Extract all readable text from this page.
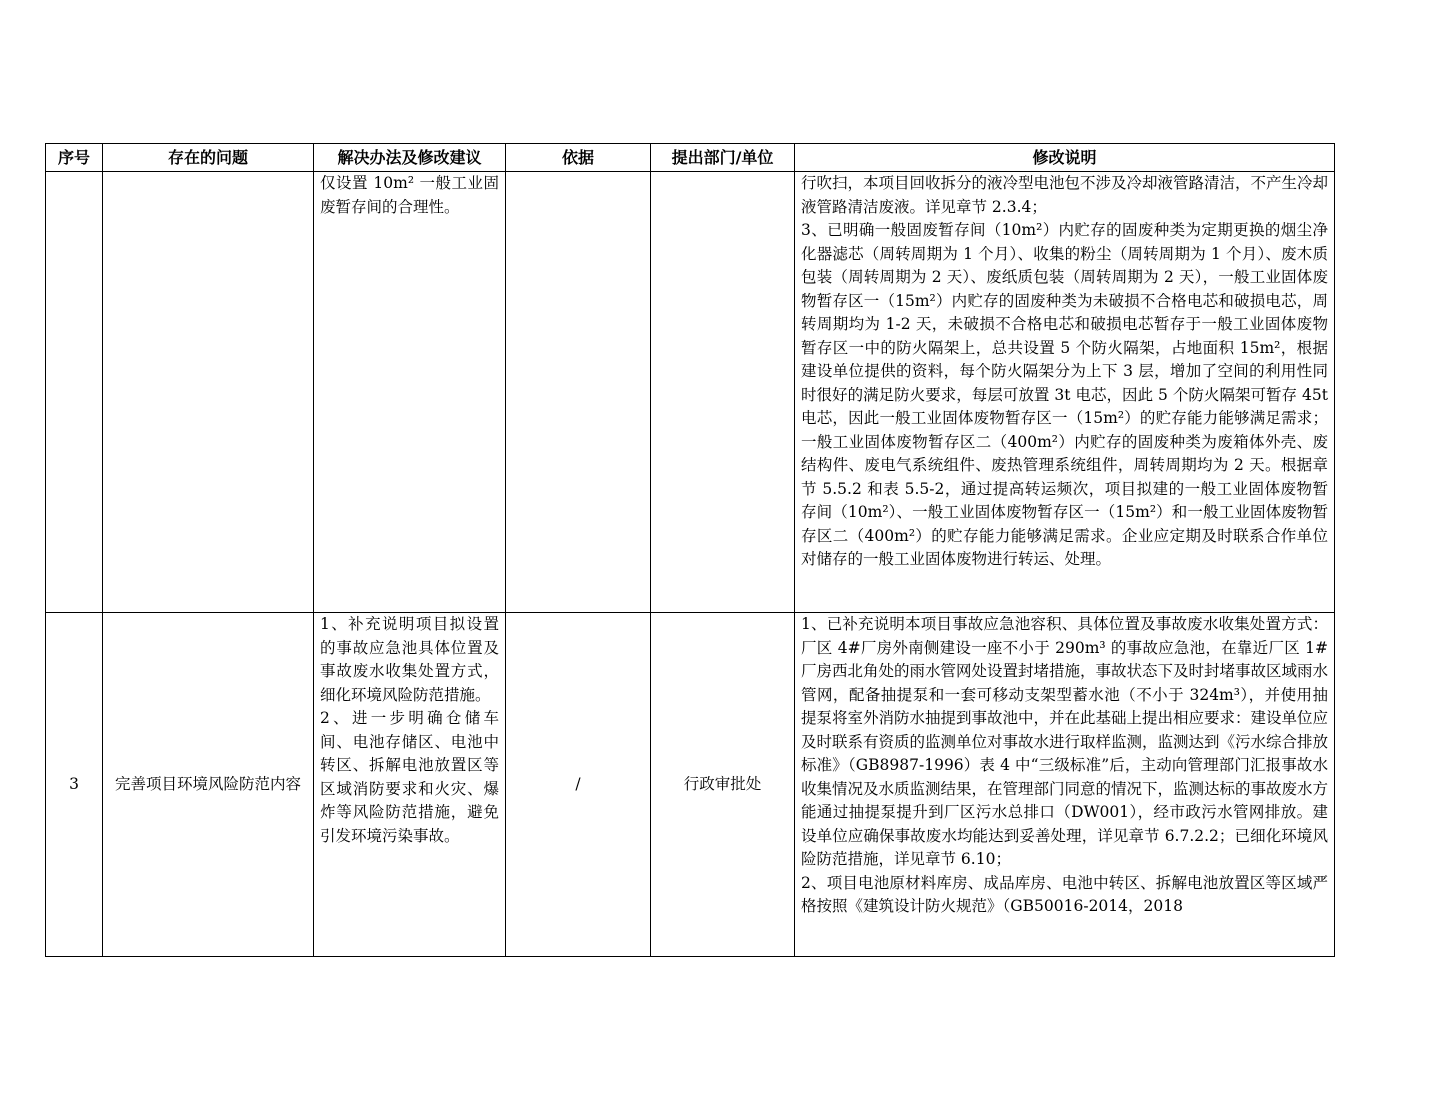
序号	存在的问题	解决办法及修改建议	依据	提出部门/单位	修改说明

		仅设置 10m² 一般工业固废暂存间的合理性。			行吹扫，本项目回收拆分的液冷型电池包不涉及冷却液管路清洁，不产生冷却液管路清洁废液。详见章节 2.3.4；
3、已明确一般固废暂存间（10m²）内贮存的固废种类为定期更换的烟尘净化器滤芯（周转周期为 1 个月）、收集的粉尘（周转周期为 1 个月）、废木质包装（周转周期为 2 天）、废纸质包装（周转周期为 2 天），一般工业固体废物暂存区一（15m²）内贮存的固废种类为未破损不合格电芯和破损电芯，周转周期均为 1-2 天，未破损不合格电芯和破损电芯暂存于一般工业固体废物暂存区一中的防火隔架上，总共设置 5 个防火隔架，占地面积 15m²，根据建设单位提供的资料，每个防火隔架分为上下 3 层，增加了空间的利用性同时很好的满足防火要求，每层可放置 3t 电芯，因此 5 个防火隔架可暂存 45t 电芯，因此一般工业固体废物暂存区一（15m²）的贮存能力能够满足需求；一般工业固体废物暂存区二（400m²）内贮存的固废种类为废箱体外壳、废结构件、废电气系统组件、废热管理系统组件，周转周期均为 2 天。根据章节 5.5.2 和表 5.5-2，通过提高转运频次，项目拟建的一般工业固体废物暂存间（10m²）、一般工业固体废物暂存区一（15m²）和一般工业固体废物暂存区二（400m²）的贮存能力能够满足需求。企业应定期及时联系合作单位对储存的一般工业固体废物进行转运、处理。

3	完善项目环境风险防范内容	1、补充说明项目拟设置的事故应急池具体位置及事故废水收集处置方式，细化环境风险防范措施。
2、进一步明确仓储车间、电池存储区、电池中转区、拆解电池放置区等区域消防要求和火灾、爆炸等风险防范措施，避免引发环境污染事故。	/	行政审批处	1、已补充说明本项目事故应急池容积、具体位置及事故废水收集处置方式：厂区 4#厂房外南侧建设一座不小于 290m³ 的事故应急池，在靠近厂区 1#厂房西北角处的雨水管网处设置封堵措施，事故状态下及时封堵事故区域雨水管网，配备抽提泵和一套可移动支架型蓄水池（不小于 324m³），并使用抽提泵将室外消防水抽提到事故池中，并在此基础上提出相应要求：建设单位应及时联系有资质的监测单位对事故水进行取样监测，监测达到《污水综合排放标准》（GB8987-1996）表 4 中“三级标准”后，主动向管理部门汇报事故水收集情况及水质监测结果，在管理部门同意的情况下，监测达标的事故废水方能通过抽提泵提升到厂区污水总排口（DW001），经市政污水管网排放。建设单位应确保事故废水均能达到妥善处理，详见章节 6.7.2.2；已细化环境风险防范措施，详见章节 6.10；
2、项目电池原材料库房、成品库房、电池中转区、拆解电池放置区等区域严格按照《建筑设计防火规范》（GB50016-2014，2018
